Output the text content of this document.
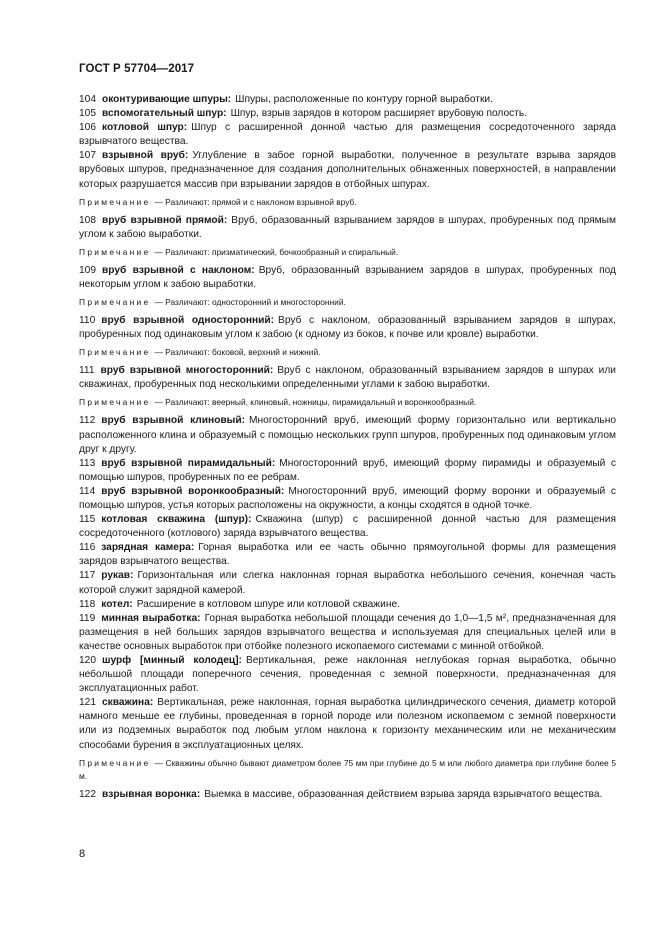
ГОСТ Р 57704—2017

104 оконтуривающие шпуры: Шпуры, расположенные по контуру горной выработки.

105 вспомогательный шпур: Шпур, взрыв зарядов в котором расширяет врубовую полость.

106 котловой шпур: Шпур с расширенной донной частью для размещения сосредоточенного заряда взрывчатого вещества.

107 взрывной вруб: Углубление в забое горной выработки, полученное в результате взрыва зарядов врубовых шпуров, предназначенное для создания дополнительных обнаженных поверхностей, в направлении которых разрушается массив при взрывании зарядов в отбойных шпурах.

Примечание — Различают: прямой и с наклоном взрывной вруб.

108 вруб взрывной прямой: Вруб, образованный взрыванием зарядов в шпурах, пробуренных под прямым углом к забою выработки.

Примечание — Различают: призматический, бочкообразный и спиральный.

109 вруб взрывной с наклоном: Вруб, образованный взрыванием зарядов в шпурах, пробуренных под некоторым углом к забою выработки.

Примечание — Различают: односторонний и многосторонний.

110 вруб взрывной односторонний: Вруб с наклоном, образованный взрыванием зарядов в шпурах, пробуренных под одинаковым углом к забою (к одному из боков, к почве или кровле) выработки.

Примечание — Различают: боковой, верхний и нижний.

111 вруб взрывной многосторонний: Вруб с наклоном, образованный взрыванием зарядов в шпурах или скважинах, пробуренных под несколькими определенными углами к забою выработки.

Примечание — Различают: веерный, клиновый, ножницы, пирамидальный и воронкообразный.

112 вруб взрывной клиновый: Многосторонний вруб, имеющий форму горизонтально или вертикально расположенного клина и образуемый с помощью нескольких групп шпуров, пробуренных под одинаковым углом друг к другу.

113 вруб взрывной пирамидальный: Многосторонний вруб, имеющий форму пирамиды и образуемый с помощью шпуров, пробуренных по ее ребрам.

114 вруб взрывной воронкообразный: Многосторонний вруб, имеющий форму воронки и образуемый с помощью шпуров, устья которых расположены на окружности, а концы сходятся в одной точке.

115 котловая скважина (шпур): Скважина (шпур) с расширенной донной частью для размещения сосредоточенного (котлового) заряда взрывчатого вещества.

116 зарядная камера: Горная выработка или ее часть обычно прямоугольной формы для размещения зарядов взрывчатого вещества.

117 рукав: Горизонтальная или слегка наклонная горная выработка небольшого сечения, конечная часть которой служит зарядной камерой.

118 котел: Расширение в котловом шпуре или котловой скважине.

119 минная выработка: Горная выработка небольшой площади сечения до 1,0—1,5 м², предназначенная для размещения в ней больших зарядов взрывчатого вещества и используемая для специальных целей или в качестве основных выработок при отбойке полезного ископаемого системами с минной отбойкой.

120 шурф [минный колодец]: Вертикальная, реже наклонная неглубокая горная выработка, обычно небольшой площади поперечного сечения, проведенная с земной поверхности, предназначенная для эксплуатационных работ.

121 скважина: Вертикальная, реже наклонная, горная выработка цилиндрического сечения, диаметр которой намного меньше ее глубины, проведенная в горной породе или полезном ископаемом с земной поверхности или из подземных выработок под любым углом наклона к горизонту механическим или не механическим способами бурения в эксплуатационных целях.

Примечание — Скважины обычно бывают диаметром более 75 мм при глубине до 5 м или любого диаметра при глубине более 5 м.

122 взрывная воронка: Выемка в массиве, образованная действием взрыва заряда взрывчатого вещества.

8
